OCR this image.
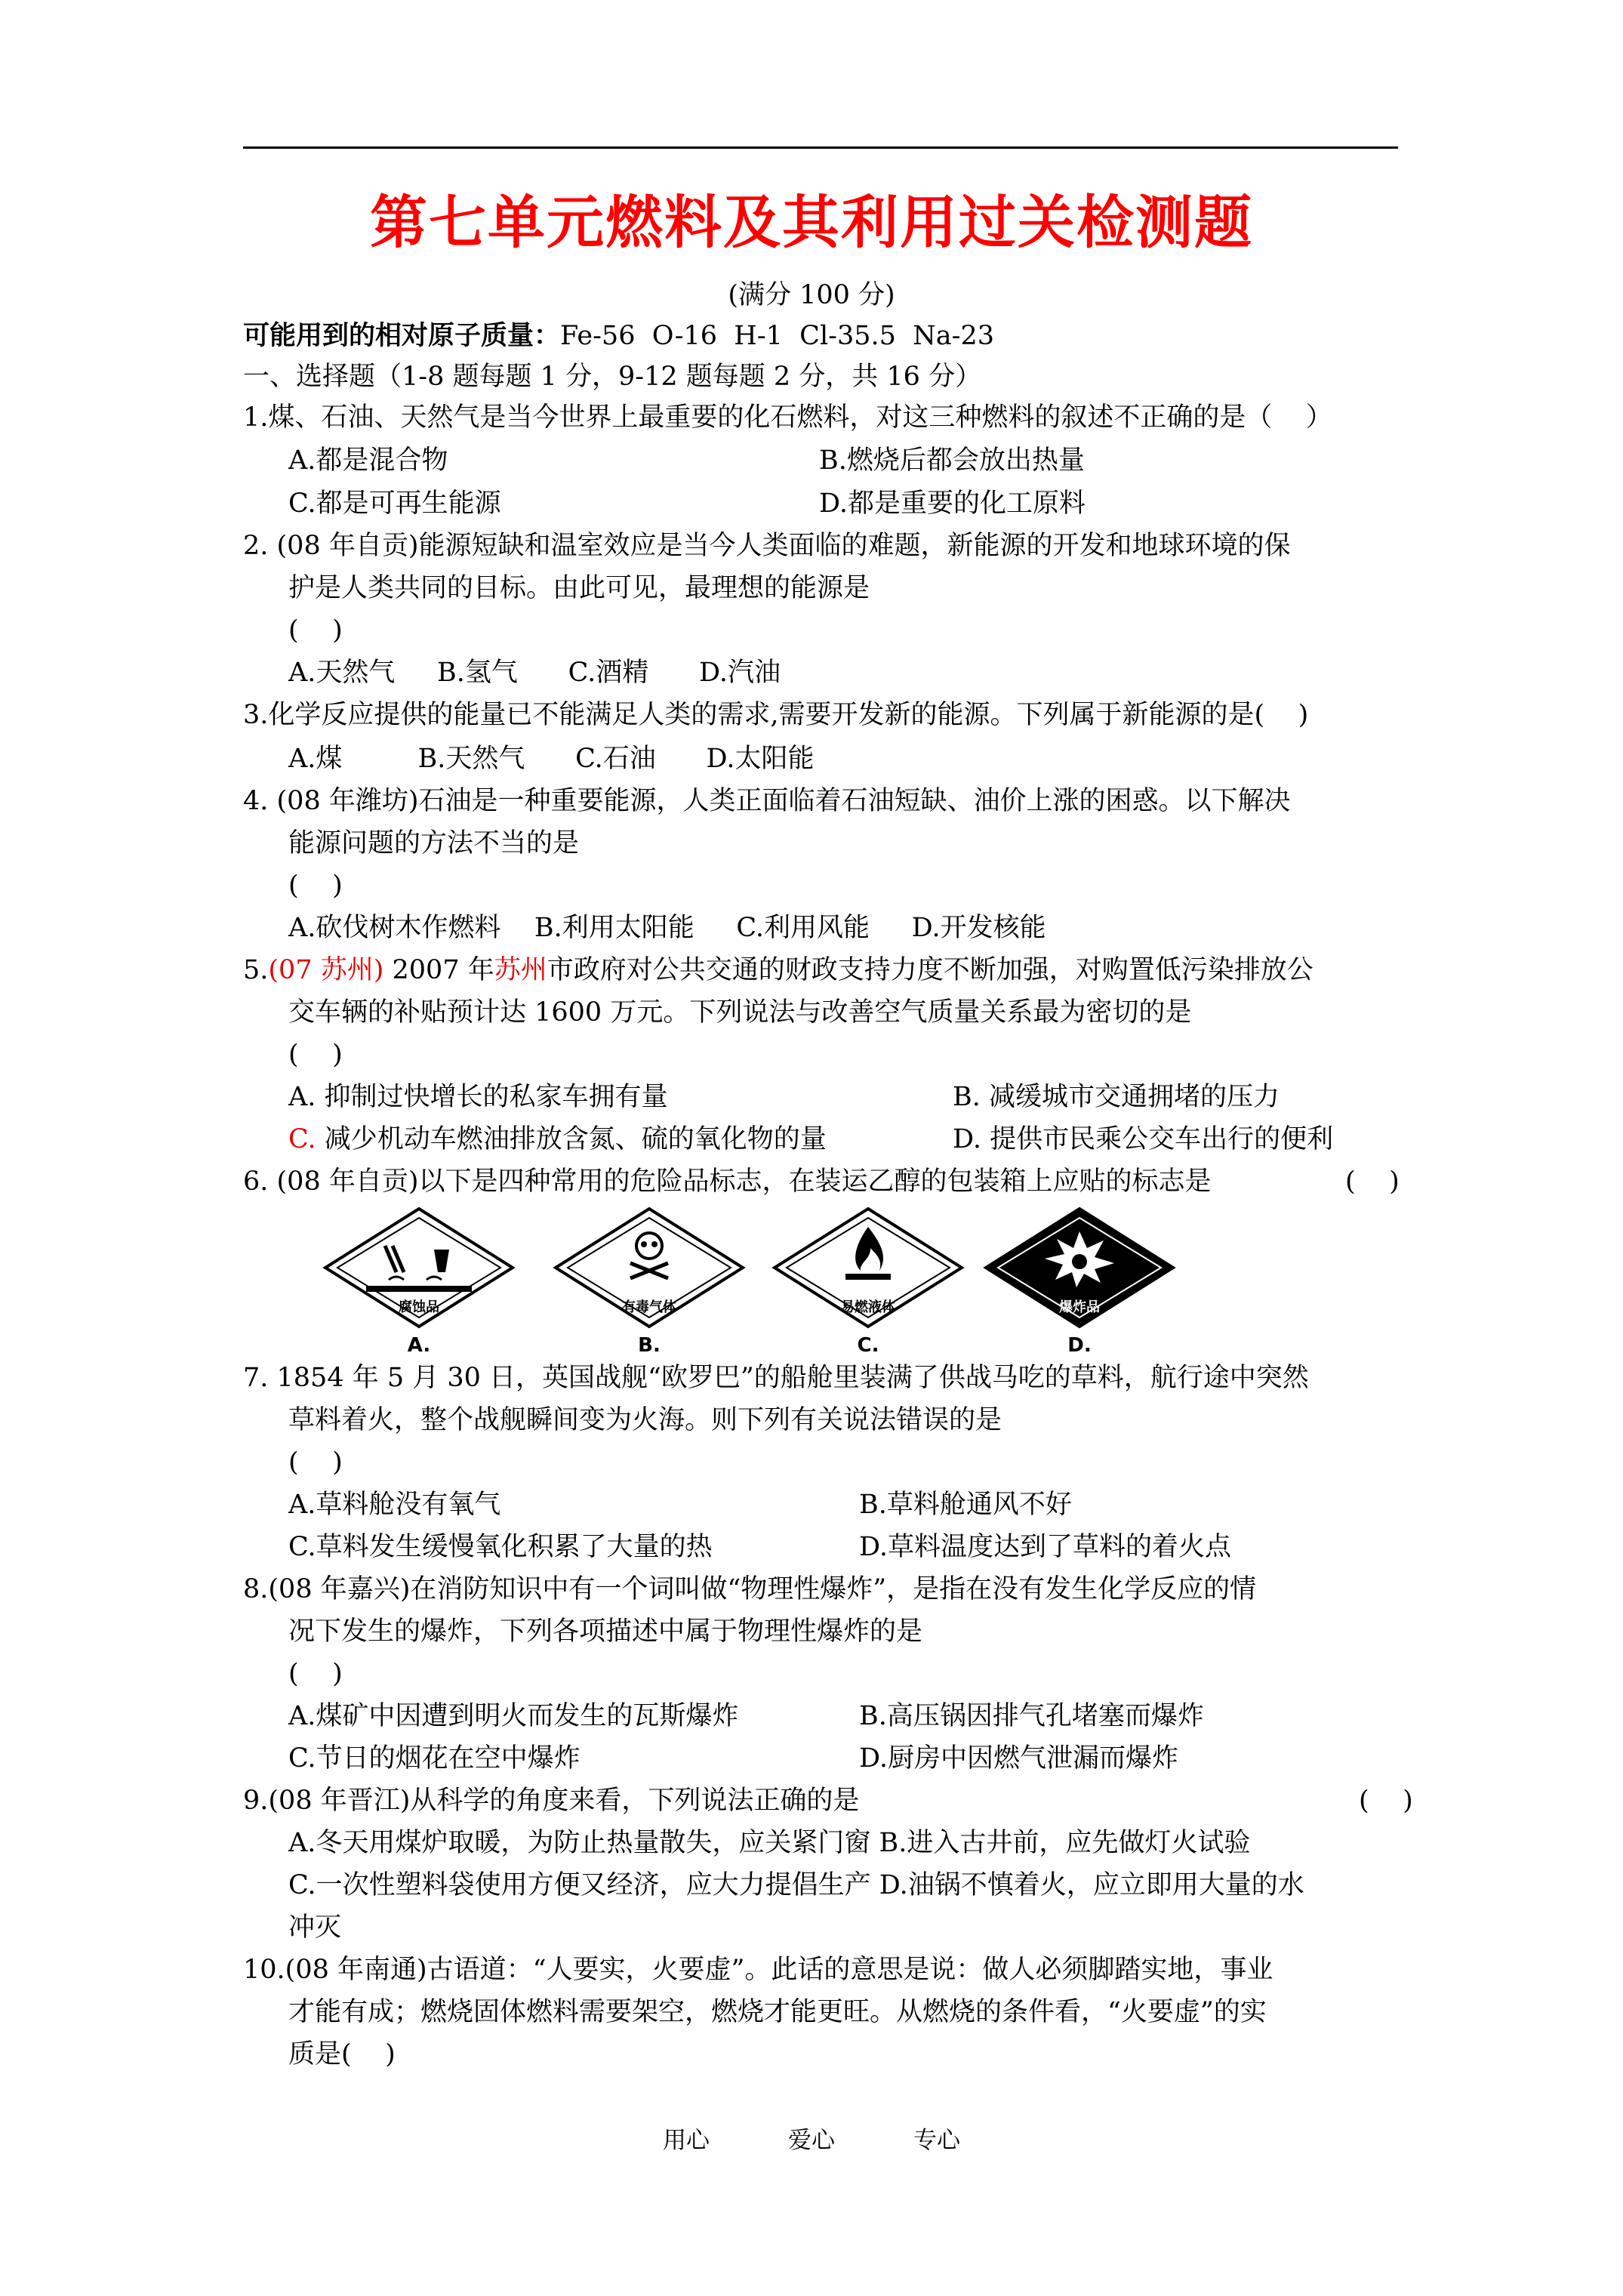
第七单元燃料及其利用过关检测题
(满分 100 分)
可能用到的相对原子质量：Fe-56  O-16  H-1  Cl-35.5  Na-23
一、选择题（1-8 题每题 1 分，9-12 题每题 2 分，共 16 分）
1.煤、石油、天然气是当今世界上最重要的化石燃料，对这三种燃料的叙述不正确的是（    ）
A.都是混合物	B.燃烧后都会放出热量
C.都是可再生能源	D.都是重要的化工原料
2. (08 年自贡)能源短缺和温室效应是当今人类面临的难题，新能源的开发和地球环境的保
护是人类共同的目标。由此可见，最理想的能源是
(    )
A.天然气     B.氢气      C.酒精      D.汽油
3.化学反应提供的能量已不能满足人类的需求,需要开发新的能源。下列属于新能源的是(    )
A.煤         B.天然气      C.石油      D.太阳能
4. (08 年潍坊)石油是一种重要能源，人类正面临着石油短缺、油价上涨的困惑。以下解决
能源问题的方法不当的是
(    )
A.砍伐树木作燃料    B.利用太阳能     C.利用风能     D.开发核能
5.(07 苏州) 2007 年苏州市政府对公共交通的财政支持力度不断加强，对购置低污染排放公
交车辆的补贴预计达 1600 万元。下列说法与改善空气质量关系最为密切的是
(    )
A. 抑制过快增长的私家车拥有量	B. 减缓城市交通拥堵的压力
C. 减少机动车燃油排放含氮、硫的氧化物的量	D. 提供市民乘公交车出行的便利
6. (08 年自贡)以下是四种常用的危险品标志，在装运乙醇的包装箱上应贴的标志是	(    )
腐蚀品
A.
有毒气体
B.
易燃液体
C.
爆炸品
D.
7. 1854 年 5 月 30 日，英国战舰“欧罗巴”的船舱里装满了供战马吃的草料，航行途中突然
草料着火，整个战舰瞬间变为火海。则下列有关说法错误的是
(    )
A.草料舱没有氧气	B.草料舱通风不好
C.草料发生缓慢氧化积累了大量的热	D.草料温度达到了草料的着火点
8.(08 年嘉兴)在消防知识中有一个词叫做“物理性爆炸”，是指在没有发生化学反应的情
况下发生的爆炸，下列各项描述中属于物理性爆炸的是
(    )
A.煤矿中因遭到明火而发生的瓦斯爆炸	B.高压锅因排气孔堵塞而爆炸
C.节日的烟花在空中爆炸	D.厨房中因燃气泄漏而爆炸
9.(08 年晋江)从科学的角度来看，下列说法正确的是	(    )
A.冬天用煤炉取暖，为防止热量散失，应关紧门窗 B.进入古井前，应先做灯火试验
C.一次性塑料袋使用方便又经济，应大力提倡生产 D.油锅不慎着火，应立即用大量的水
冲灭
10.(08 年南通)古语道：“人要实，火要虚”。此话的意思是说：做人必须脚踏实地，事业
才能有成；燃烧固体燃料需要架空，燃烧才能更旺。从燃烧的条件看，“火要虚”的实
质是(    )
用心	爱心	专心
